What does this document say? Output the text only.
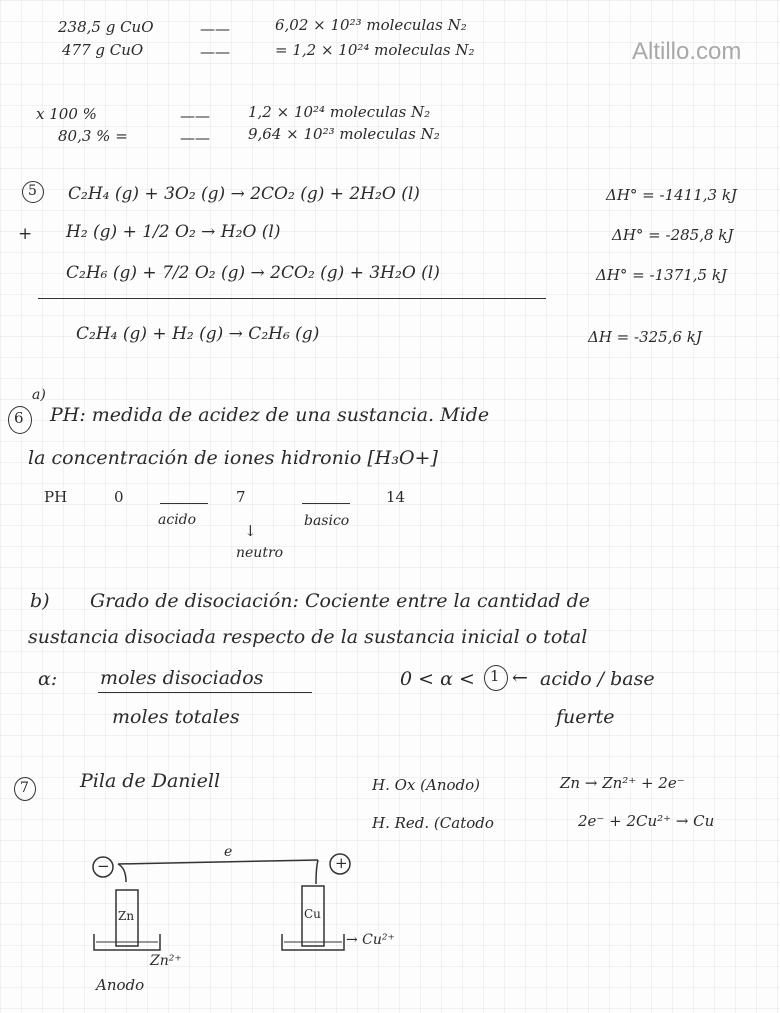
Altillo.com
238,5 g CuO	——	6,02 × 10²³ moleculas N₂
477 g CuO	——	= 1,2 × 10²⁴ moleculas N₂
x 100 %	——	1,2 × 10²⁴ moleculas N₂
80,3 % =	——	9,64 × 10²³ moleculas N₂
5 C₂H₄ (g) + 3O₂ (g) → 2CO₂ (g) + 2H₂O (l)	ΔH° = -1411,3 kJ
+ H₂ (g) + 1/2 O₂ → H₂O (l)	ΔH° = -285,8 kJ
C₂H₆ (g) + 7/2 O₂ (g) → 2CO₂ (g) + 3H₂O (l)	ΔH° = -1371,5 kJ
C₂H₄ (g) + H₂ (g) → C₂H₆ (g)	ΔH = -325,6 kJ
6
a)
PH: medida de acidez de una sustancia. Mide
la concentración de iones hidronio [H₃O+]
PH	0	7	14
acido	basico
↓
neutro
b) Grado de disociación: Cociente entre la cantidad de
sustancia disociada respecto de la sustancia inicial o total
α: moles disociados
moles totales
0 < α < 1 ← acido / base
fuerte
7	Pila de Daniell	H. Ox (Anodo)	Zn → Zn²⁺ + 2e⁻
H. Red. (Catodo	2e⁻ + 2Cu²⁺ → Cu
−	+
e
Zn	Cu
Zn²⁺
→ Cu²⁺
Anodo
